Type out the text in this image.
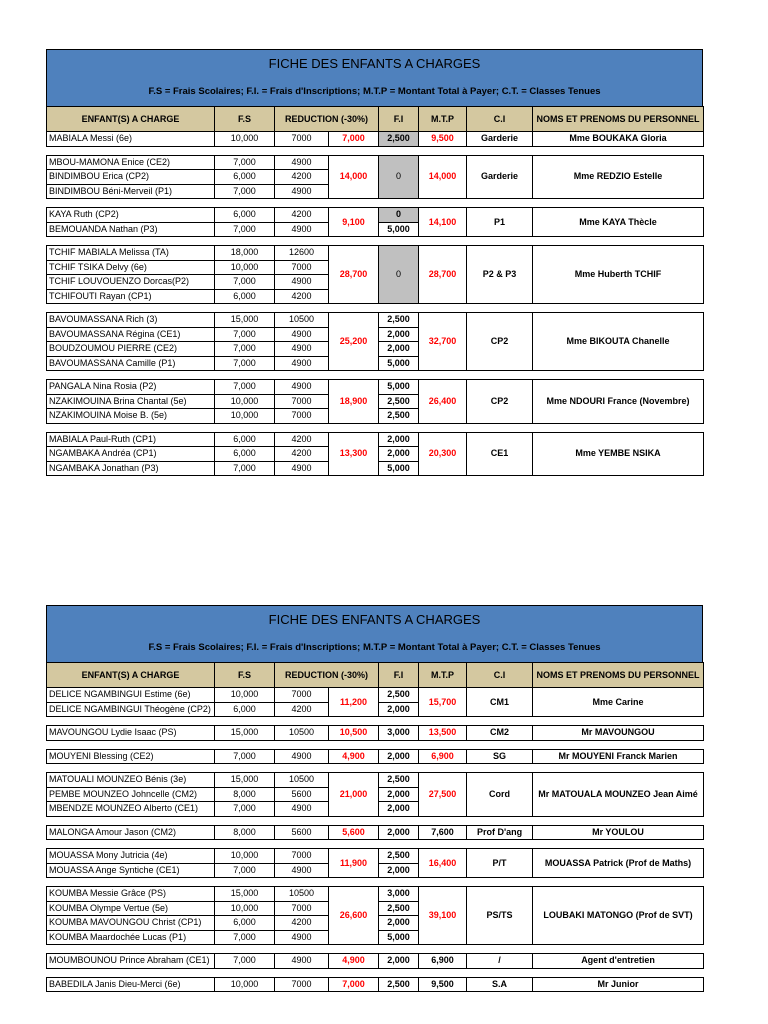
FICHE DES ENFANTS A CHARGES
F.S = Frais Scolaires; F.I. = Frais d'Inscriptions; M.T.P = Montant Total à Payer; C.T. = Classes Tenues
ENFANT(S) A CHARGE	F.S	REDUCTION (-30%)		F.I	M.T.P	C.I	NOMS ET PRENOMS DU PERSONNEL
MABIALA Messi (6e)	10,000	7000	7,000	2,500	9,500	Garderie	Mme BOUKAKA Gloria

MBOU-MAMONA Enice (CE2)	7,000	4900	14,000	0	14,000	Garderie	Mme REDZIO Estelle
BINDIMBOU Erica (CP2)	6,000	4200					
BINDIMBOU Béni-Merveil (P1)	7,000	4900					

KAYA Ruth (CP2)	6,000	4200	9,100	0	14,100	P1	Mme KAYA Thècle
BEMOUANDA Nathan (P3)	7,000	4900		5,000			

TCHIF MABIALA Melissa (TA)	18,000	12600	28,700	0	28,700	P2 & P3	Mme Huberth TCHIF
TCHIF TSIKA Delvy (6e)	10,000	7000					
TCHIF LOUVOUENZO Dorcas(P2)	7,000	4900					
TCHIFOUTI Rayan (CP1)	6,000	4200					

BAVOUMASSANA Rich (3)	15,000	10500	25,200	2,500	32,700	CP2	Mme BIKOUTA Chanelle
BAVOUMASSANA Régina (CE1)	7,000	4900		2,000			
BOUDZOUMOU PIERRE (CE2)	7,000	4900		2,000			
BAVOUMASSANA Camille (P1)	7,000	4900		5,000			

PANGALA Nina Rosia (P2)	7,000	4900	18,900	5,000	26,400	CP2	Mme NDOURI France (Novembre)
NZAKIMOUINA Brina Chantal (5e)	10,000	7000		2,500			
NZAKIMOUINA Moise B. (5e)	10,000	7000		2,500			

MABIALA Paul-Ruth (CP1)	6,000	4200	13,300	2,000	20,300	CE1	Mme YEMBE NSIKA
NGAMBAKA Andréa (CP1)	6,000	4200		2,000			
NGAMBAKA Jonathan (P3)	7,000	4900		5,000			
FICHE DES ENFANTS A CHARGES
F.S = Frais Scolaires; F.I. = Frais d'Inscriptions; M.T.P = Montant Total à Payer; C.T. = Classes Tenues
ENFANT(S) A CHARGE	F.S	REDUCTION (-30%)		F.I	M.T.P	C.I	NOMS ET PRENOMS DU PERSONNEL
DELICE NGAMBINGUI Estime (6e)	10,000	7000	11,200	2,500	15,700	CM1	Mme Carine
DELICE NGAMBINGUI Théogène (CP2)	6,000	4200		2,000			

MAVOUNGOU Lydie Isaac (PS)	15,000	10500	10,500	3,000	13,500	CM2	Mr MAVOUNGOU

MOUYENI Blessing (CE2)	7,000	4900	4,900	2,000	6,900	SG	Mr MOUYENI Franck Marien

MATOUALI MOUNZEO Bénis (3e)	15,000	10500	21,000	2,500	27,500	Cord	Mr MATOUALA MOUNZEO Jean Aimé
PEMBE MOUNZEO Johncelle (CM2)	8,000	5600		2,000			
MBENDZE MOUNZEO Alberto (CE1)	7,000	4900		2,000			

MALONGA Amour Jason (CM2)	8,000	5600	5,600	2,000	7,600	Prof D'ang	Mr YOULOU

MOUASSA Mony Jutricia (4e)	10,000	7000	11,900	2,500	16,400	P/T	MOUASSA Patrick (Prof de Maths)
MOUASSA Ange Syntiche (CE1)	7,000	4900		2,000			

KOUMBA Messie Grâce (PS)	15,000	10500	26,600	3,000	39,100	PS/TS	LOUBAKI MATONGO (Prof de SVT)
KOUMBA Olympe Vertue (5e)	10,000	7000		2,500			
KOUMBA MAVOUNGOU Christ (CP1)	6,000	4200		2,000			
KOUMBA Maardochée Lucas (P1)	7,000	4900		5,000			

MOUMBOUNOU Prince Abraham (CE1)	7,000	4900	4,900	2,000	6,900	/	Agent d'entretien

BABEDILA Janis Dieu-Merci (6e)	10,000	7000	7,000	2,500	9,500	S.A	Mr Junior
